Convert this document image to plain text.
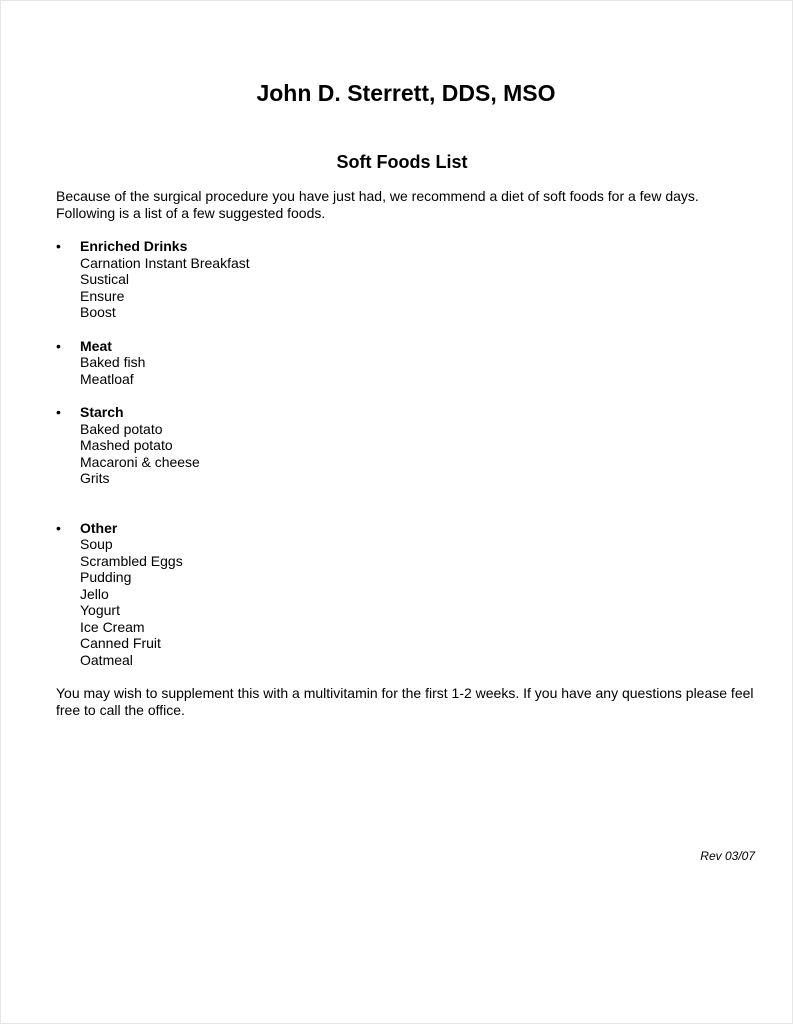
John D. Sterrett, DDS, MSO
Soft Foods List

Because of the surgical procedure you have just had, we recommend a diet of soft foods for a few days. Following is a list of a few suggested foods.

•	Enriched Drinks
Carnation Instant Breakfast
Sustical
Ensure
Boost
•	Meat
Baked fish
Meatloaf
•	Starch
Baked potato
Mashed potato
Macaroni & cheese
Grits
•	Other
Soup
Scrambled Eggs
Pudding
Jello
Yogurt
Ice Cream
Canned Fruit
Oatmeal

You may wish to supplement this with a multivitamin for the first 1-2 weeks. If you have any questions please feel free to call the office.

Rev 03/07
